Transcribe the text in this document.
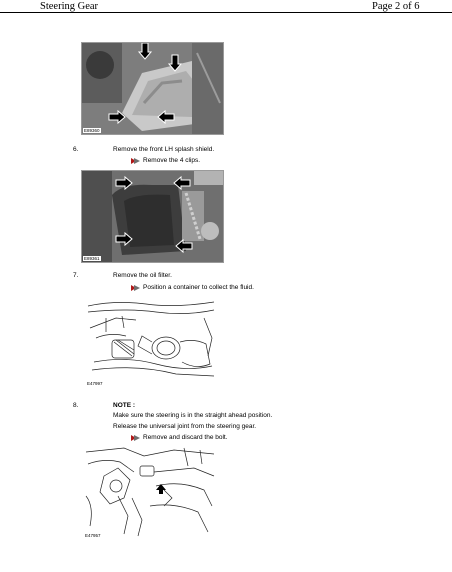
Steering Gear	Page 2 of 6
E89360
6.	Remove the front LH splash shield.
Remove the 4 clips.
E89361
7.	Remove the oil filter.
Position a container to collect the fluid.
E47997
8.	NOTE :
Make sure the steering is in the straight ahead position.
Release the universal joint from the steering gear.
Remove and discard the bolt.
E47957
